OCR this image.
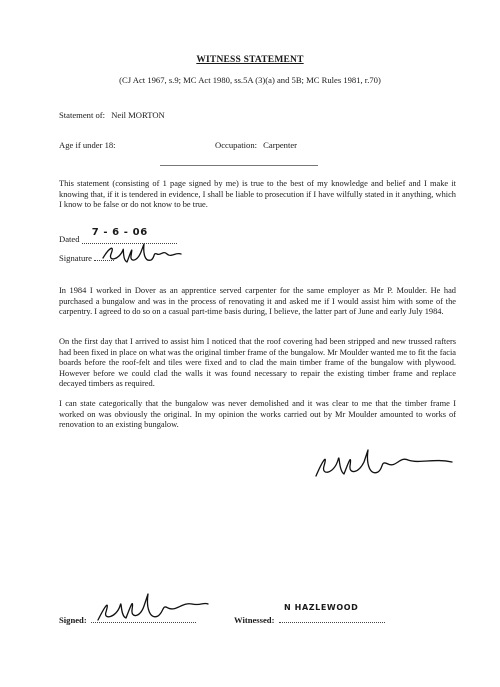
WITNESS STATEMENT
(CJ Act 1967, s.9; MC Act 1980, ss.5A (3)(a) and 5B; MC Rules 1981, r.70)
Statement of: Neil MORTON
Age if under 18:	Occupation: Carpenter
This statement (consisting of 1 page signed by me) is true to the best of my knowledge and belief and I make it knowing that, if it is tendered in evidence, I shall be liable to prosecution if I have wilfully stated in it anything, which I know to be false or do not know to be true.
Dated
7 - 6 - 06
Signature
In 1984 I worked in Dover as an apprentice served carpenter for the same employer as Mr P. Moulder. He had purchased a bungalow and was in the process of renovating it and asked me if I would assist him with some of the carpentry. I agreed to do so on a casual part-time basis during, I believe, the latter part of June and early July 1984.
On the first day that I arrived to assist him I noticed that the roof covering had been stripped and new trussed rafters had been fixed in place on what was the original timber frame of the bungalow. Mr Moulder wanted me to fit the facia boards before the roof-felt and tiles were fixed and to clad the main timber frame of the bungalow with plywood. However before we could clad the walls it was found necessary to repair the existing timber frame and replace decayed timbers as required.
I can state categorically that the bungalow was never demolished and it was clear to me that the timber frame I worked on was obviously the original. In my opinion the works carried out by Mr Moulder amounted to works of renovation to an existing bungalow.
Signed:	Witnessed:
N HAZLEWOOD
